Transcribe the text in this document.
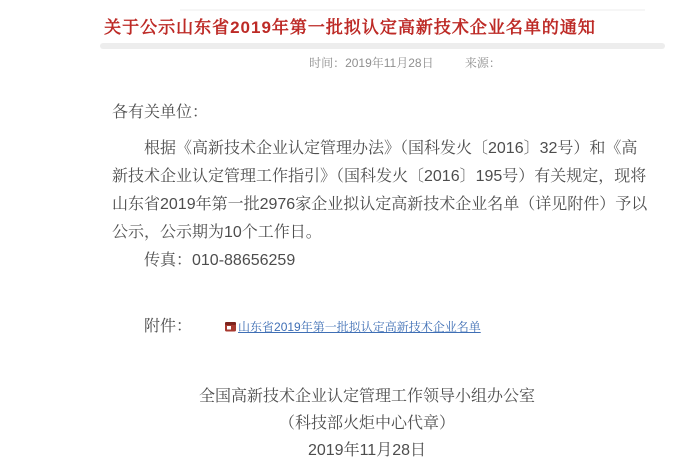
关于公示山东省2019年第一批拟认定高新技术企业名单的通知
时间：2019年11月28日	来源：
各有关单位：
根据《高新技术企业认定管理办法》（国科发火〔2016〕32号）和《高
新技术企业认定管理工作指引》（国科发火〔2016〕195号）有关规定，现将
山东省2019年第一批2976家企业拟认定高新技术企业名单（详见附件）予以
公示，公示期为10个工作日。
传真：010-88656259
附件：	山东省2019年第一批拟认定高新技术企业名单
全国高新技术企业认定管理工作领导小组办公室
（科技部火炬中心代章）
2019年11月28日
